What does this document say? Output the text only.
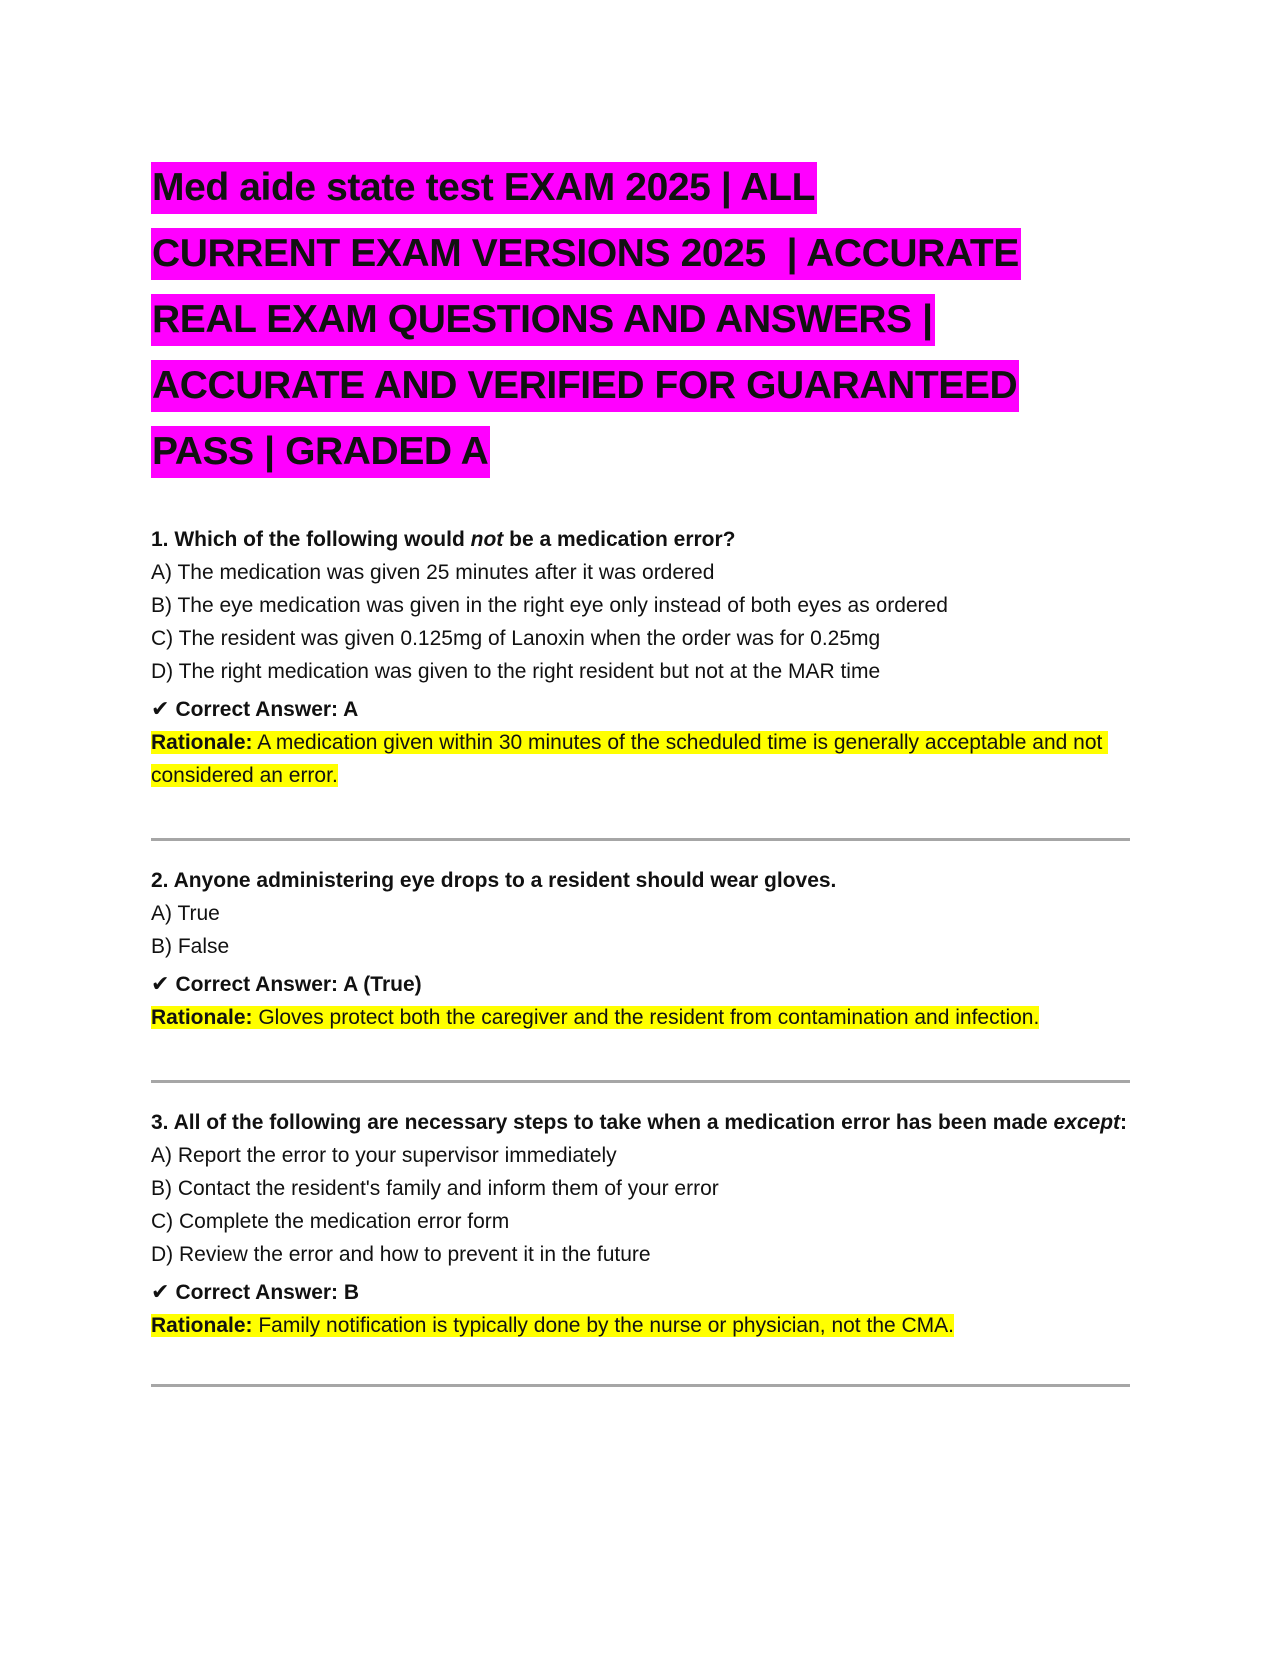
Med aide state test EXAM 2025 | ALL
CURRENT EXAM VERSIONS 2025  | ACCURATE
REAL EXAM QUESTIONS AND ANSWERS |
ACCURATE AND VERIFIED FOR GUARANTEED
PASS | GRADED A

1. Which of the following would not be a medication error?

A) The medication was given 25 minutes after it was ordered

B) The eye medication was given in the right eye only instead of both eyes as ordered

C) The resident was given 0.125mg of Lanoxin when the order was for 0.25mg

D) The right medication was given to the right resident but not at the MAR time

✔ Correct Answer: A

Rationale: A medication given within 30 minutes of the scheduled time is generally acceptable and not considered an error.

2. Anyone administering eye drops to a resident should wear gloves.

A) True

B) False

✔ Correct Answer: A (True)

Rationale: Gloves protect both the caregiver and the resident from contamination and infection.

3. All of the following are necessary steps to take when a medication error has been made except:

A) Report the error to your supervisor immediately

B) Contact the resident's family and inform them of your error

C) Complete the medication error form

D) Review the error and how to prevent it in the future

✔ Correct Answer: B

Rationale: Family notification is typically done by the nurse or physician, not the CMA.
